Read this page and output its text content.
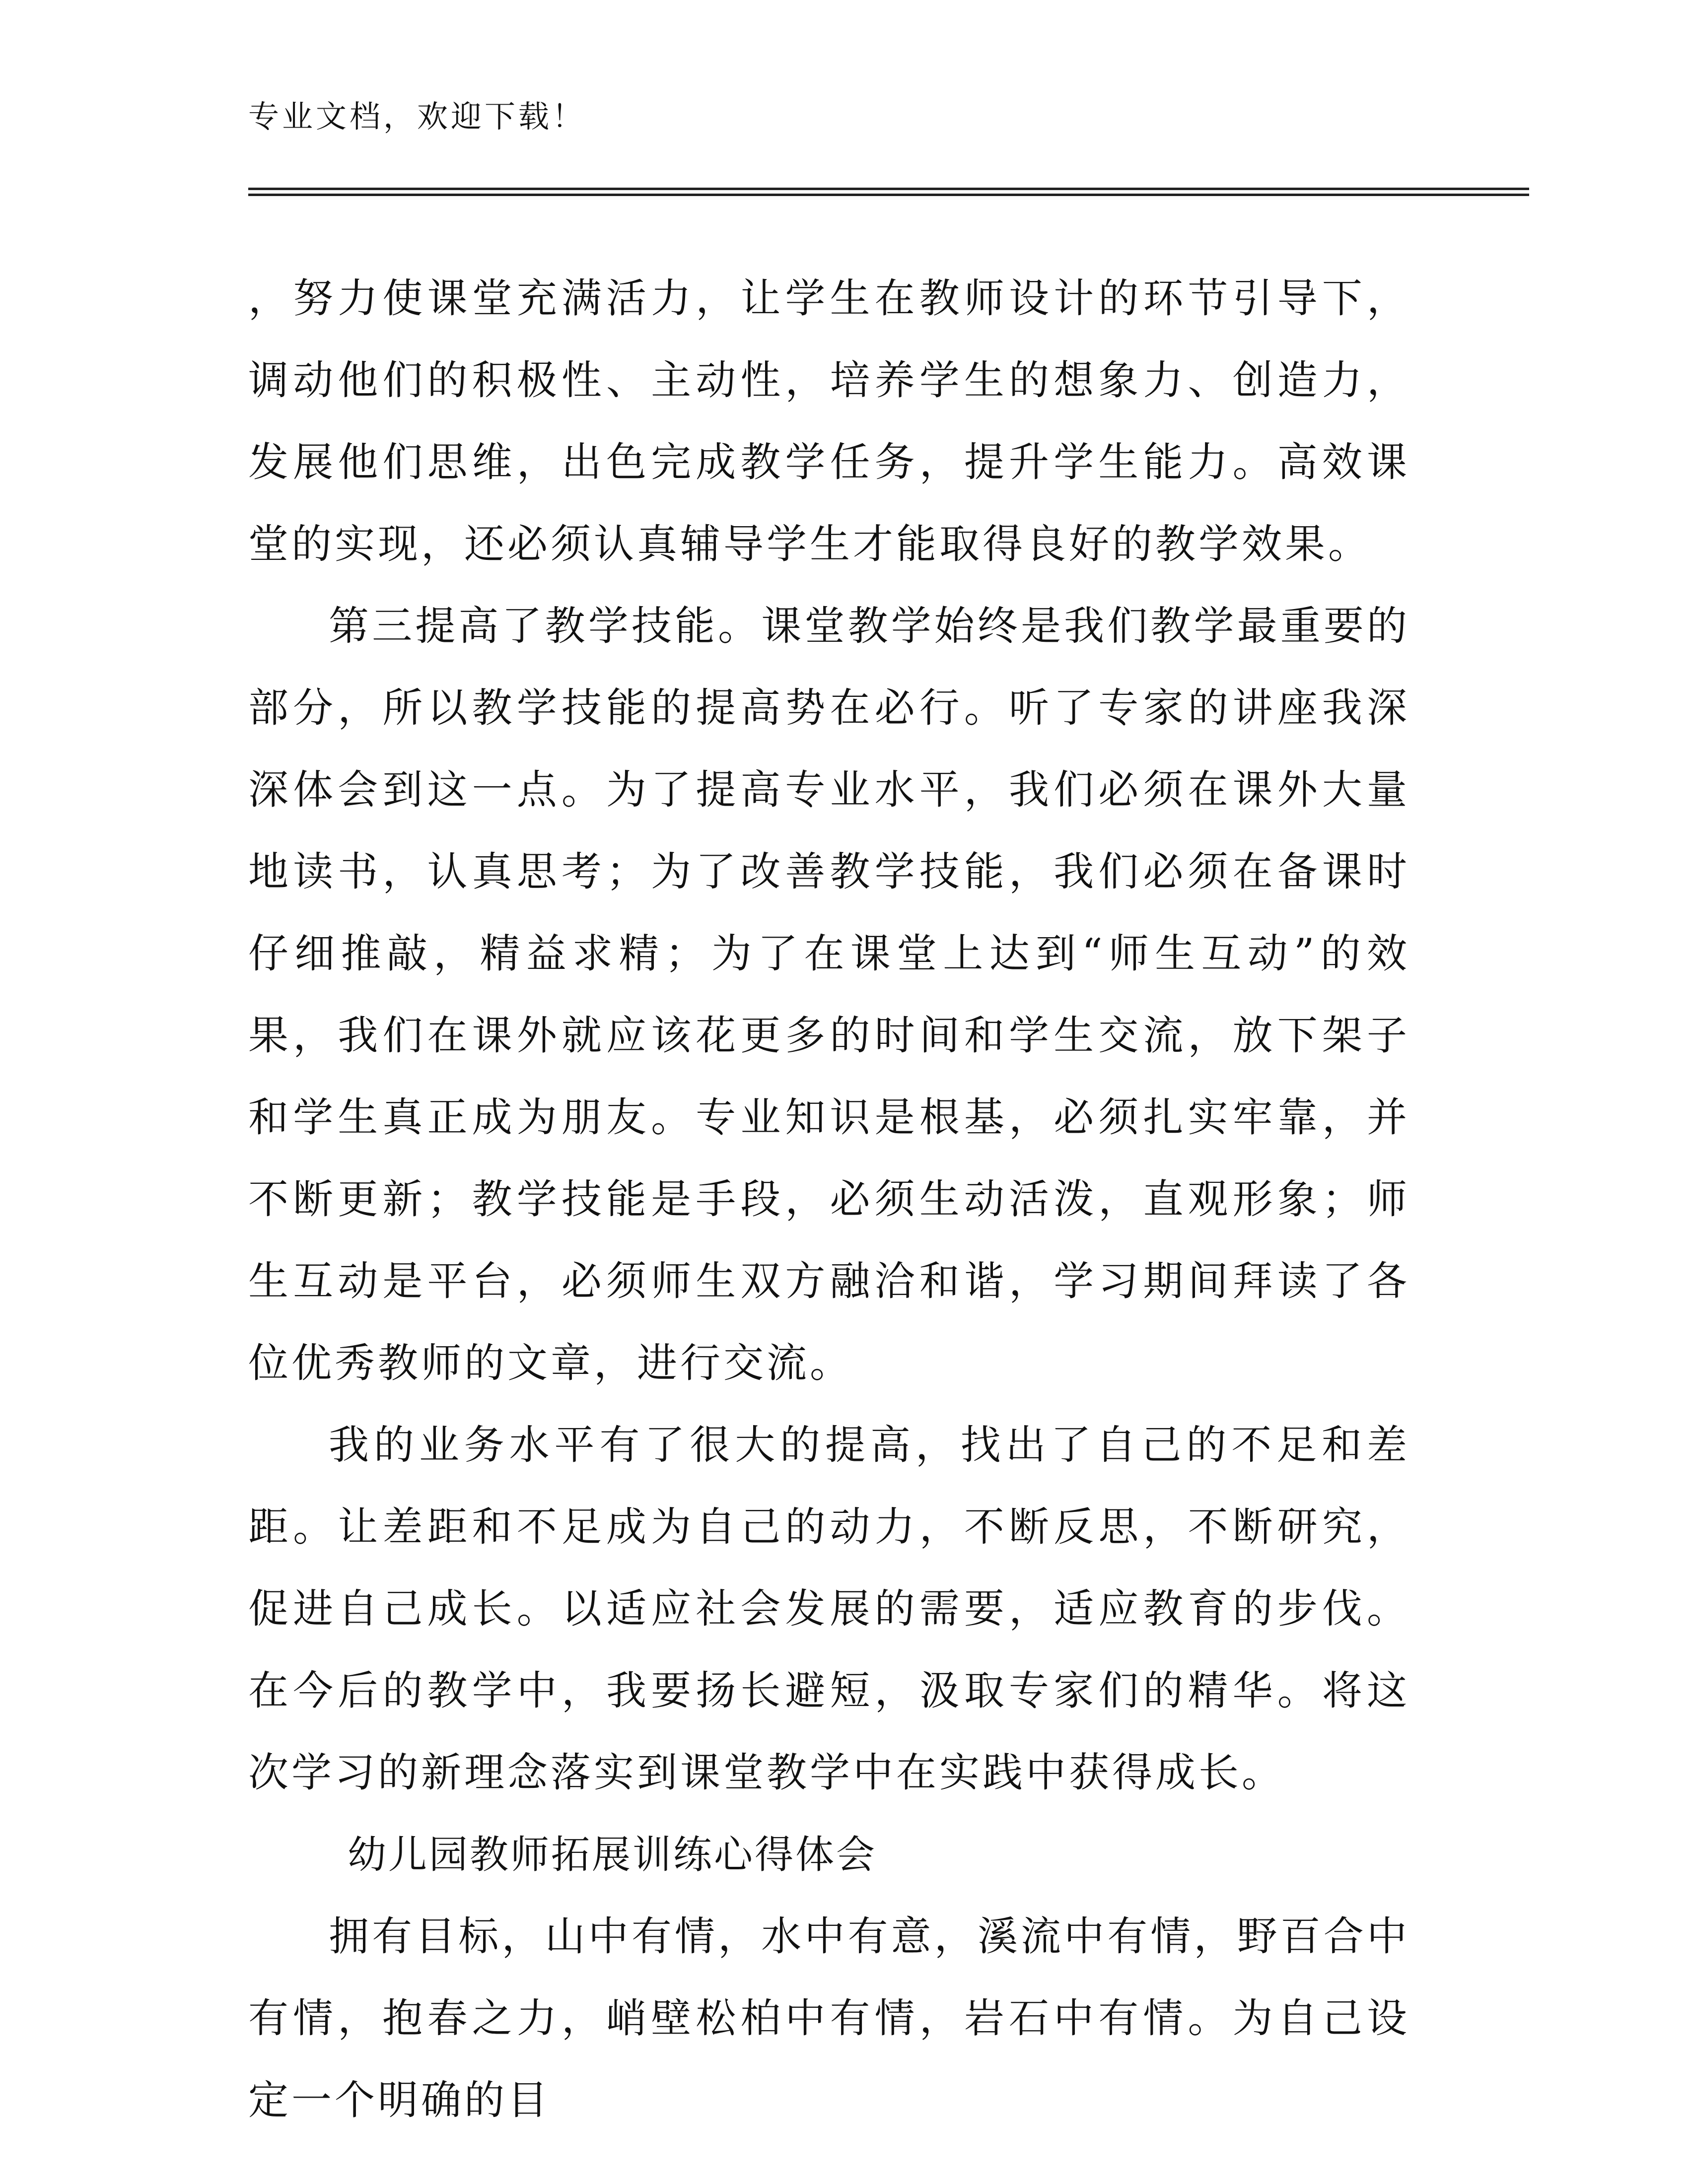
专业文档，欢迎下载！

，努力使课堂充满活力，让学生在教师设计的环节引导下，调动他们的积极性、主动性，培养学生的想象力、创造力，发展他们思维，出色完成教学任务，提升学生能力。高效课堂的实现，还必须认真辅导学生才能取得良好的教学效果。

第三提高了教学技能。课堂教学始终是我们教学最重要的部分，所以教学技能的提高势在必行。听了专家的讲座我深深体会到这一点。为了提高专业水平，我们必须在课外大量地读书，认真思考；为了改善教学技能，我们必须在备课时仔细推敲，精益求精；为了在课堂上达到“师生互动”的效果，我们在课外就应该花更多的时间和学生交流，放下架子和学生真正成为朋友。专业知识是根基，必须扎实牢靠，并不断更新；教学技能是手段，必须生动活泼，直观形象；师生互动是平台，必须师生双方融洽和谐，学习期间拜读了各位优秀教师的文章，进行交流。

我的业务水平有了很大的提高，找出了自己的不足和差距。让差距和不足成为自己的动力，不断反思，不断研究，促进自己成长。以适应社会发展的需要，适应教育的步伐。在今后的教学中，我要扬长避短，汲取专家们的精华。将这次学习的新理念落实到课堂教学中在实践中获得成长。

幼儿园教师拓展训练心得体会

拥有目标，山中有情，水中有意，溪流中有情，野百合中有情，抱春之力，峭壁松柏中有情，岩石中有情。为自己设定一个明确的目
